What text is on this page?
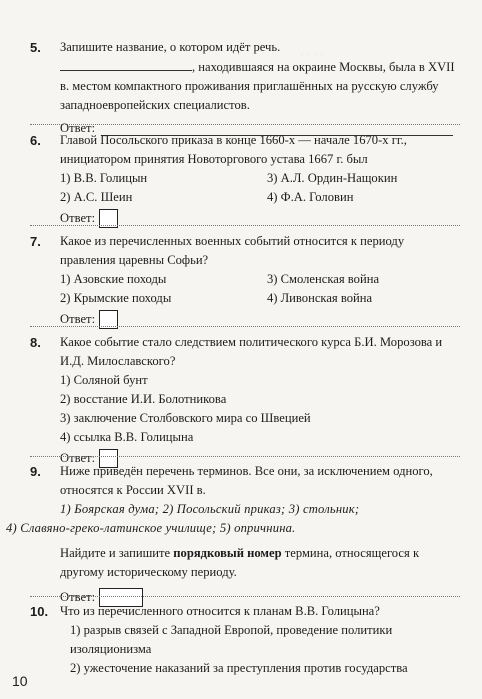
· · · ·
5. Запишите название, о котором идёт речь.
, находившаяся на окраине Москвы, была в XVII в. местом компактного проживания приглашённых на русскую службу западноевропейских специалистов.
Ответ:
6. Главой Посольского приказа в конце 1660-х — начале 1670-х гг., инициатором принятия Новоторгового устава 1667 г. был
1) В.В. Голицын	3) А.Л. Ордин-Нащокин
2) А.С. Шеин	4) Ф.А. Головин
Ответ:
7. Какое из перечисленных военных событий относится к периоду правления царевны Софьи?
1) Азовские походы	3) Смоленская война
2) Крымские походы	4) Ливонская война
Ответ:
8. Какое событие стало следствием политического курса Б.И. Морозова и И.Д. Милославского?
1) Соляной бунт
2) восстание И.И. Болотникова
3) заключение Столбовского мира со Швецией
4) ссылка В.В. Голицына
Ответ:
9. Ниже приведён перечень терминов. Все они, за исключением одного, относятся к России XVII в.
1) Боярская дума; 2) Посольский приказ; 3) стольник;
4) Славяно-греко-латинское училище; 5) опричнина.
Найдите и запишите порядковый номер термина, относящегося к другому историческому периоду.
Ответ:
10. Что из перечисленного относится к планам В.В. Голицына?
1) разрыв связей с Западной Европой, проведение политики изоляционизма
2) ужесточение наказаний за преступления против государства
10
